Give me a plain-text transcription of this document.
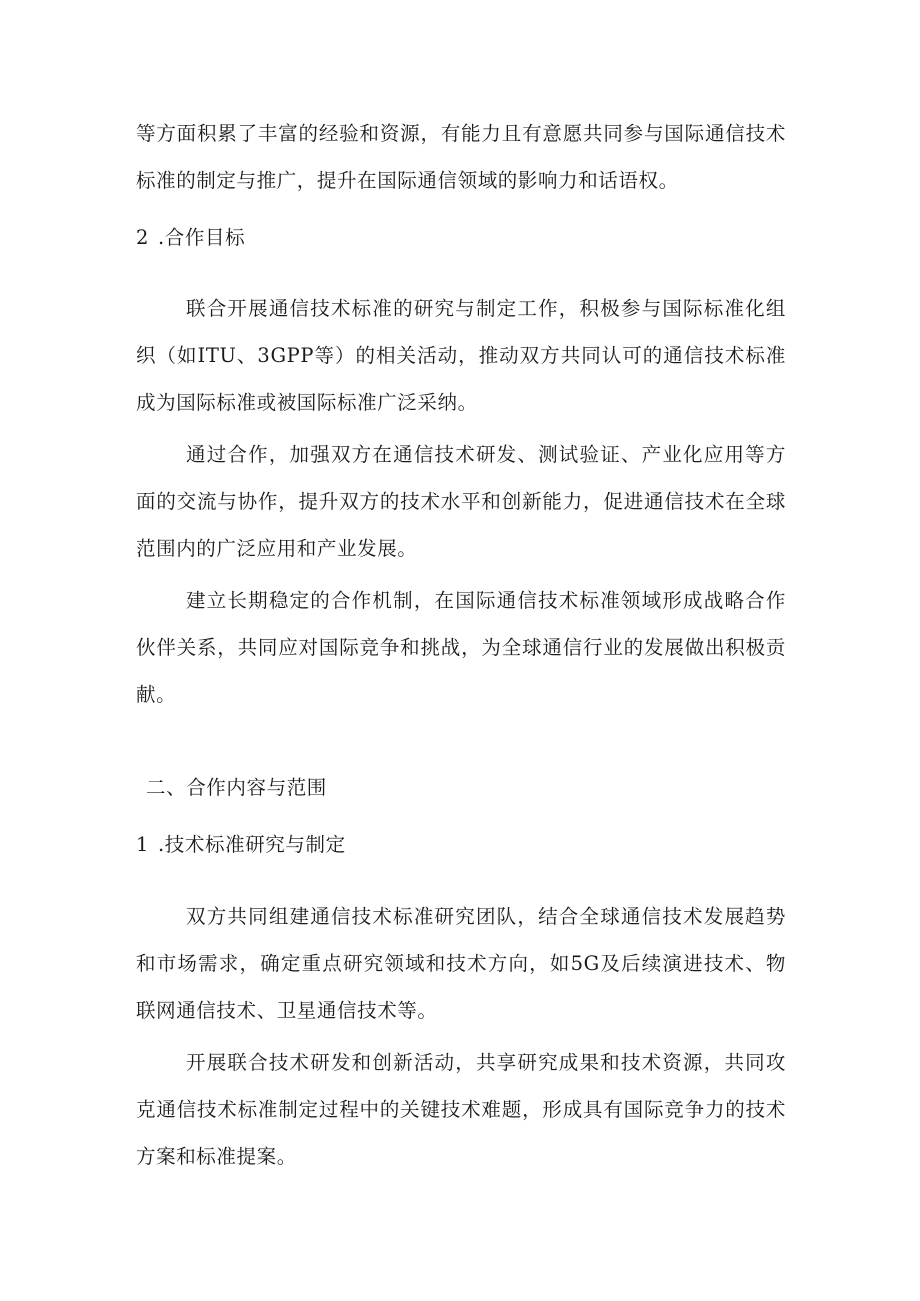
等方面积累了丰富的经验和资源，有能力且有意愿共同参与国际通信技术标准的制定与推广，提升在国际通信领域的影响力和话语权。

2 .合作目标

联合开展通信技术标准的研究与制定工作，积极参与国际标准化组织（如ITU、3GPP等）的相关活动，推动双方共同认可的通信技术标准成为国际标准或被国际标准广泛采纳。

通过合作，加强双方在通信技术研发、测试验证、产业化应用等方面的交流与协作，提升双方的技术水平和创新能力，促进通信技术在全球范围内的广泛应用和产业发展。

建立长期稳定的合作机制，在国际通信技术标准领域形成战略合作伙伴关系，共同应对国际竞争和挑战，为全球通信行业的发展做出积极贡献。

二、合作内容与范围

1 .技术标准研究与制定

双方共同组建通信技术标准研究团队，结合全球通信技术发展趋势和市场需求，确定重点研究领域和技术方向，如5G及后续演进技术、物联网通信技术、卫星通信技术等。

开展联合技术研发和创新活动，共享研究成果和技术资源，共同攻克通信技术标准制定过程中的关键技术难题，形成具有国际竞争力的技术方案和标准提案。
